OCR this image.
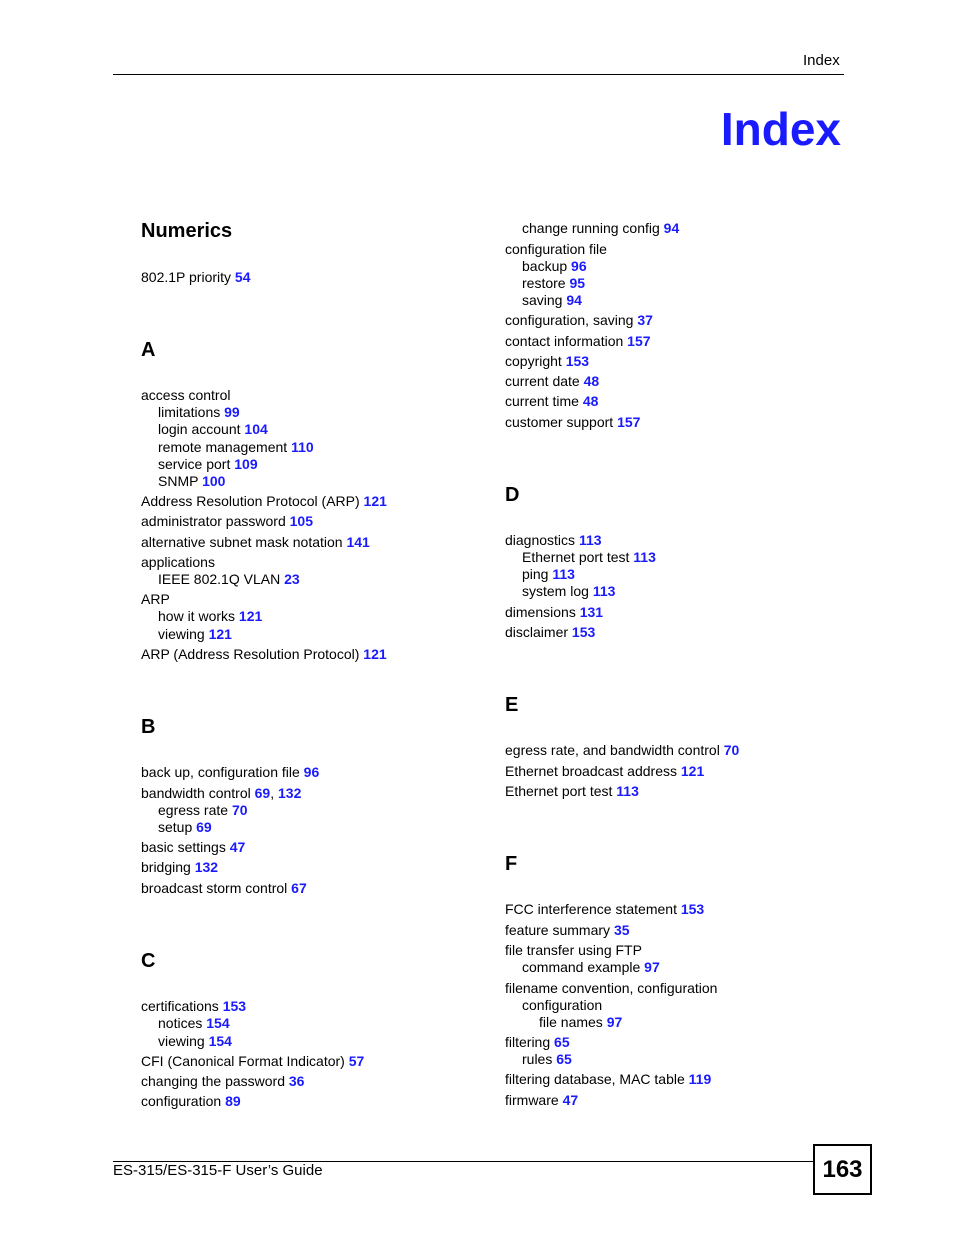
Index
Index
Numerics
802.1P priority 54
A
access control
limitations 99
login account 104
remote management 110
service port 109
SNMP 100
Address Resolution Protocol (ARP) 121
administrator password 105
alternative subnet mask notation 141
applications
IEEE 802.1Q VLAN 23
ARP
how it works 121
viewing 121
ARP (Address Resolution Protocol) 121
B
back up, configuration file 96
bandwidth control 69, 132
egress rate 70
setup 69
basic settings 47
bridging 132
broadcast storm control 67
C
certifications 153
notices 154
viewing 154
CFI (Canonical Format Indicator) 57
changing the password 36
configuration 89
change running config 94
configuration file
backup 96
restore 95
saving 94
configuration, saving 37
contact information 157
copyright 153
current date 48
current time 48
customer support 157
D
diagnostics 113
Ethernet port test 113
ping 113
system log 113
dimensions 131
disclaimer 153
E
egress rate, and bandwidth control 70
Ethernet broadcast address 121
Ethernet port test 113
F
FCC interference statement 153
feature summary 35
file transfer using FTP
command example 97
filename convention, configuration
configuration
file names 97
filtering 65
rules 65
filtering database, MAC table 119
firmware 47
ES-315/ES-315-F User’s Guide	163
